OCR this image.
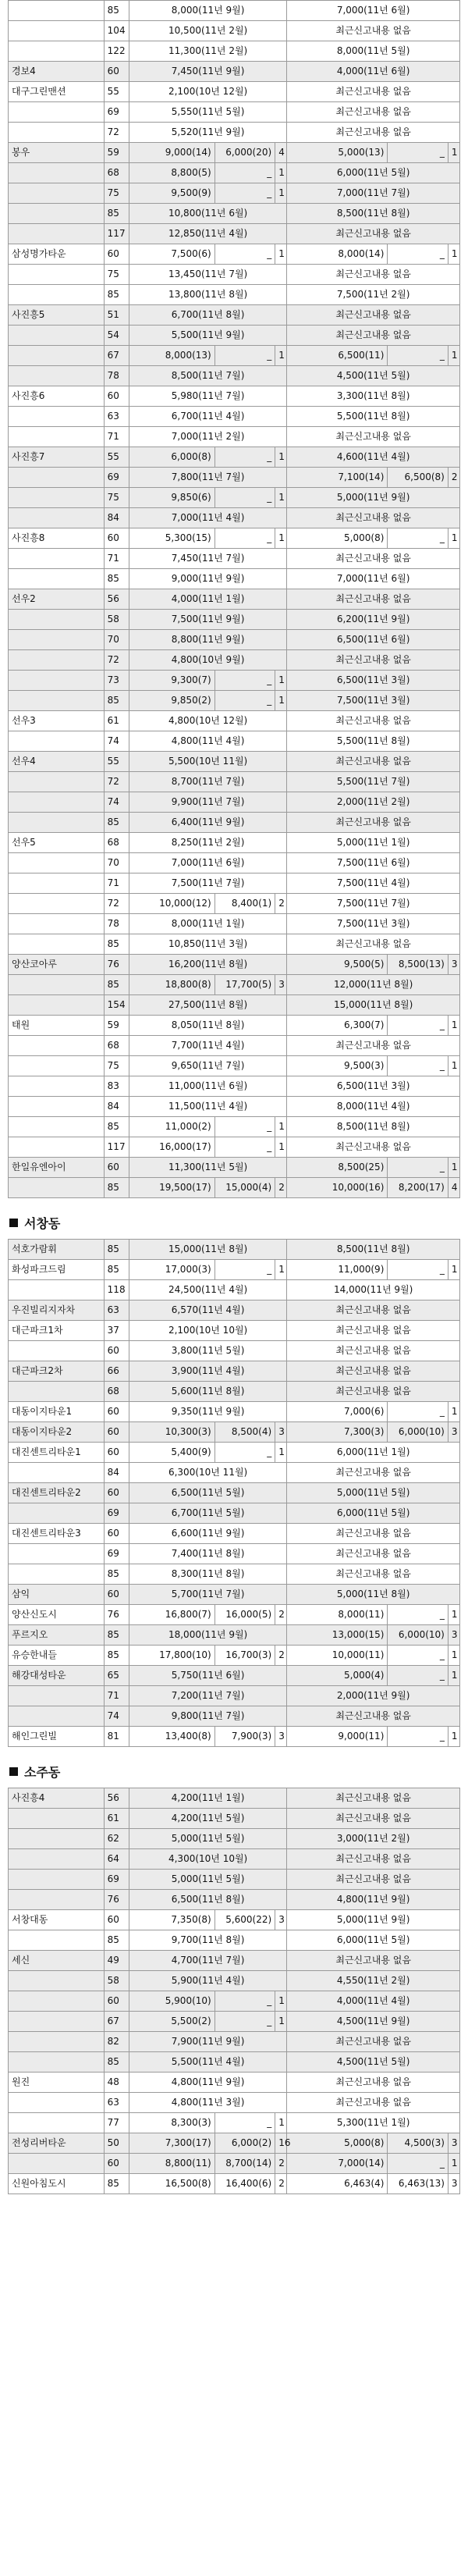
	85	8,000(11년 9월)			7,000(11년 6월)		
	104	10,500(11년 2월)			최근신고내용 없음		
	122	11,300(11년 2월)			8,000(11년 5월)		
경보4	60	7,450(11년 9월)			4,000(11년 6월)		
대구그린맨션	55	2,100(10년 12월)			최근신고내용 없음		
	69	5,550(11년 5월)			최근신고내용 없음		
	72	5,520(11년 9월)			최근신고내용 없음		
봉우	59	9,000(14)	6,000(20)	4	5,000(13)	_	1
	68	8,800(5)	_	1	6,000(11년 5월)		
	75	9,500(9)	_	1	7,000(11년 7월)		
	85	10,800(11년 6월)			8,500(11년 8월)		
	117	12,850(11년 4월)			최근신고내용 없음		
삼성명가타운	60	7,500(6)	_	1	8,000(14)	_	1
	75	13,450(11년 7월)			최근신고내용 없음		
	85	13,800(11년 8월)			7,500(11년 2월)		
사진흥5	51	6,700(11년 8월)			최근신고내용 없음		
	54	5,500(11년 9월)			최근신고내용 없음		
	67	8,000(13)	_	1	6,500(11)	_	1
	78	8,500(11년 7월)			4,500(11년 5월)		
사진흥6	60	5,980(11년 7월)			3,300(11년 8월)		
	63	6,700(11년 4월)			5,500(11년 8월)		
	71	7,000(11년 2월)			최근신고내용 없음		
사진흥7	55	6,000(8)	_	1	4,600(11년 4월)		
	69	7,800(11년 7월)			7,100(14)	6,500(8)	2
	75	9,850(6)	_	1	5,000(11년 9월)		
	84	7,000(11년 4월)			최근신고내용 없음		
사진흥8	60	5,300(15)	_	1	5,000(8)	_	1
	71	7,450(11년 7월)			최근신고내용 없음		
	85	9,000(11년 9월)			7,000(11년 6월)		
선우2	56	4,000(11년 1월)			최근신고내용 없음		
	58	7,500(11년 9월)			6,200(11년 9월)		
	70	8,800(11년 9월)			6,500(11년 6월)		
	72	4,800(10년 9월)			최근신고내용 없음		
	73	9,300(7)	_	1	6,500(11년 3월)		
	85	9,850(2)	_	1	7,500(11년 3월)		
선우3	61	4,800(10년 12월)			최근신고내용 없음		
	74	4,800(11년 4월)			5,500(11년 8월)		
선우4	55	5,500(10년 11월)			최근신고내용 없음		
	72	8,700(11년 7월)			5,500(11년 7월)		
	74	9,900(11년 7월)			2,000(11년 2월)		
	85	6,400(11년 9월)			최근신고내용 없음		
선우5	68	8,250(11년 2월)			5,000(11년 1월)		
	70	7,000(11년 6월)			7,500(11년 6월)		
	71	7,500(11년 7월)			7,500(11년 4월)		
	72	10,000(12)	8,400(1)	2	7,500(11년 7월)		
	78	8,000(11년 1월)			7,500(11년 3월)		
	85	10,850(11년 3월)			최근신고내용 없음		
양산코아루	76	16,200(11년 8월)			9,500(5)	8,500(13)	3
	85	18,800(8)	17,700(5)	3	12,000(11년 8월)		
	154	27,500(11년 8월)			15,000(11년 8월)		
태원	59	8,050(11년 8월)			6,300(7)	_	1
	68	7,700(11년 4월)			최근신고내용 없음		
	75	9,650(11년 7월)			9,500(3)	_	1
	83	11,000(11년 6월)			6,500(11년 3월)		
	84	11,500(11년 4월)			8,000(11년 4월)		
	85	11,000(2)	_	1	8,500(11년 8월)		
	117	16,000(17)	_	1	최근신고내용 없음		
한일유엔아이	60	11,300(11년 5월)			8,500(25)	_	1
	85	19,500(17)	15,000(4)	2	10,000(16)	8,200(17)	4
서창동
석호가람휘	85	15,000(11년 8월)			8,500(11년 8월)		
화성파크드림	85	17,000(3)	_	1	11,000(9)	_	1
	118	24,500(11년 4월)			14,000(11년 9월)		
우진빌리지자차	63	6,570(11년 4월)			최근신고내용 없음		
대근파크1차	37	2,100(10년 10월)			최근신고내용 없음		
	60	3,800(11년 5월)			최근신고내용 없음		
대근파크2차	66	3,900(11년 4월)			최근신고내용 없음		
	68	5,600(11년 8월)			최근신고내용 없음		
대동이지타운1	60	9,350(11년 9월)			7,000(6)	_	1
대동이지타운2	60	10,300(3)	8,500(4)	3	7,300(3)	6,000(10)	3
대진센트리타운1	60	5,400(9)	_	1	6,000(11년 1월)		
	84	6,300(10년 11월)			최근신고내용 없음		
대진센트리타운2	60	6,500(11년 5월)			5,000(11년 5월)		
	69	6,700(11년 5월)			6,000(11년 5월)		
대진센트리타운3	60	6,600(11년 9월)			최근신고내용 없음		
	69	7,400(11년 8월)			최근신고내용 없음		
	85	8,300(11년 8월)			최근신고내용 없음		
삼익	60	5,700(11년 7월)			5,000(11년 8월)		
양산신도시	76	16,800(7)	16,000(5)	2	8,000(11)	_	1
푸르지오	85	18,000(11년 9월)			13,000(15)	6,000(10)	3
유승한내들	85	17,800(10)	16,700(3)	2	10,000(11)	_	1
해강대성타운	65	5,750(11년 6월)			5,000(4)	_	1
	71	7,200(11년 7월)			2,000(11년 9월)		
	74	9,800(11년 7월)			최근신고내용 없음		
해인그린빌	81	13,400(8)	7,900(3)	3	9,000(11)	_	1
소주동
사진흥4	56	4,200(11년 1월)			최근신고내용 없음		
	61	4,200(11년 5월)			최근신고내용 없음		
	62	5,000(11년 5월)			3,000(11년 2월)		
	64	4,300(10년 10월)			최근신고내용 없음		
	69	5,000(11년 5월)			최근신고내용 없음		
	76	6,500(11년 8월)			4,800(11년 9월)		
서창대동	60	7,350(8)	5,600(22)	3	5,000(11년 9월)		
	85	9,700(11년 8월)			6,000(11년 5월)		
세신	49	4,700(11년 7월)			최근신고내용 없음		
	58	5,900(11년 4월)			4,550(11년 2월)		
	60	5,900(10)	_	1	4,000(11년 4월)		
	67	5,500(2)	_	1	4,500(11년 9월)		
	82	7,900(11년 9월)			최근신고내용 없음		
	85	5,500(11년 4월)			4,500(11년 5월)		
원진	48	4,800(11년 9월)			최근신고내용 없음		
	63	4,800(11년 3월)			최근신고내용 없음		
	77	8,300(3)	_	1	5,300(11년 1월)		
전성리버타운	50	7,300(17)	6,000(2)	16	5,000(8)	4,500(3)	3
	60	8,800(11)	8,700(14)	2	7,000(14)	_	1
신원아침도시	85	16,500(8)	16,400(6)	2	6,463(4)	6,463(13)	3
